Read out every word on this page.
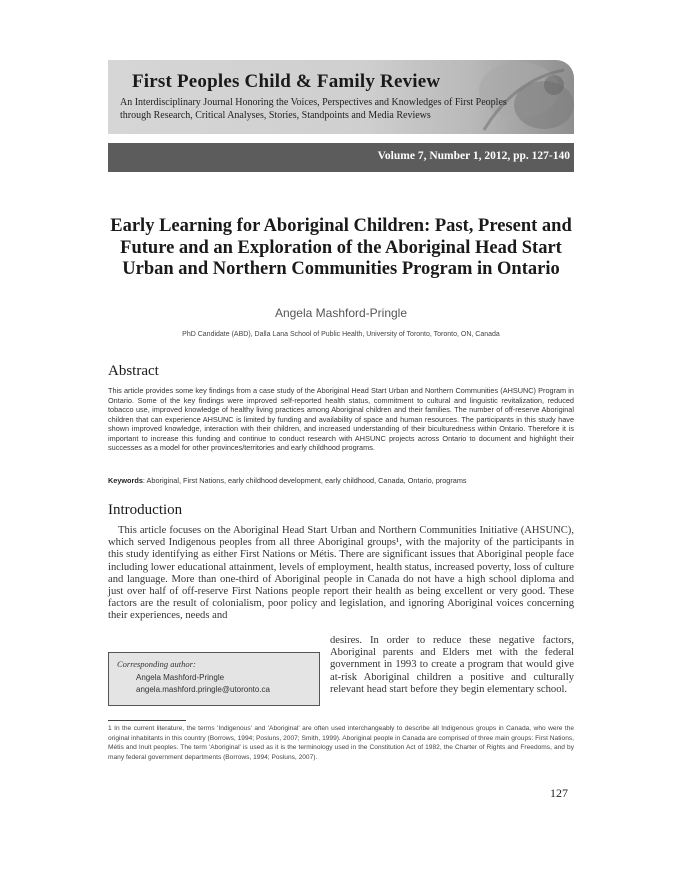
First Peoples Child & Family Review
An Interdisciplinary Journal Honoring the Voices, Perspectives and Knowledges of First Peoples
through Research, Critical Analyses, Stories, Standpoints and Media Reviews
Volume 7, Number 1, 2012, pp. 127-140
Early Learning for Aboriginal Children: Past, Present and Future and an Exploration of the Aboriginal Head Start Urban and Northern Communities Program in Ontario
Angela Mashford-Pringle
PhD Candidate (ABD), Dalla Lana School of Public Health, University of Toronto, Toronto, ON, Canada
Abstract

This article provides some key findings from a case study of the Aboriginal Head Start Urban and Northern Communities (AHSUNC) Program in Ontario. Some of the key findings were improved self-reported health status, commitment to cultural and linguistic revitalization, reduced tobacco use, improved knowledge of healthy living practices among Aboriginal children and their families. The number of off-reserve Aboriginal children that can experience AHSUNC is limited by funding and availability of space and human resources. The participants in this study have shown improved knowledge, interaction with their children, and increased understanding of their biculturedness within Ontario. Therefore it is important to increase this funding and continue to conduct research with AHSUNC projects across Ontario to document and highlight their successes as a model for other provinces/territories and early childhood programs.

Keywords: Aboriginal, First Nations, early childhood development, early childhood, Canada, Ontario, programs

Introduction

This article focuses on the Aboriginal Head Start Urban and Northern Communities Initiative (AHSUNC), which served Indigenous peoples from all three Aboriginal groups¹, with the majority of the participants in this study identifying as either First Nations or Métis. There are significant issues that Aboriginal people face including lower educational attainment, levels of employment, health status, increased poverty, loss of culture and language. More than one-third of Aboriginal people in Canada do not have a high school diploma and just over half of off-reserve First Nations people report their health as being excellent or very good. These factors are the result of colonialism, poor policy and legislation, and ignoring Aboriginal voices concerning their experiences, needs and

desires. In order to reduce these negative factors, Aboriginal parents and Elders met with the federal government in 1993 to create a program that would give at-risk Aboriginal children a positive and culturally relevant head start before they begin elementary school.

Corresponding author:
Angela Mashford-Pringle
angela.mashford.pringle@utoronto.ca

1 In the current literature, the terms 'Indigenous' and 'Aboriginal' are often used interchangeably to describe all Indigenous groups in Canada, who were the original inhabitants in this country (Borrows, 1994; Posluns, 2007; Smith, 1999). Aboriginal people in Canada are comprised of three main groups: First Nations, Métis and Inuit peoples. The term 'Aboriginal' is used as it is the terminology used in the Constitution Act of 1982, the Charter of Rights and Freedoms, and by many federal government departments (Borrows, 1994; Posluns, 2007).

127
